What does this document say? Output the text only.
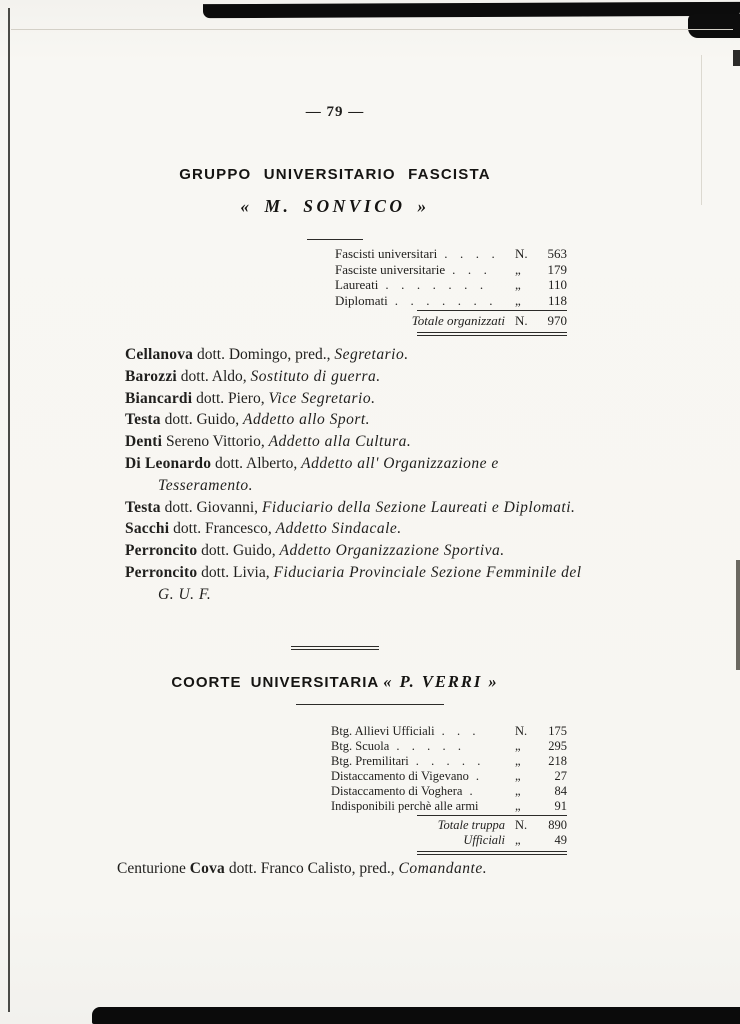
— 79 —
GRUPPO UNIVERSITARIO FASCISTA
« M. SONVICO »
Fascisti universitari .  .  .  . N.	563
Fasciste universitarie .  .  . „	179
Laureati .  .  .  .  .  .  . „	110
Diplomati .  .  .  .  .  .  . „	118
Totale organizzati N.	970
Cellanova dott. Domingo, pred., Segretario.
Barozzi dott. Aldo, Sostituto di guerra.
Biancardi dott. Piero, Vice Segretario.
Testa dott. Guido, Addetto allo Sport.
Denti Sereno Vittorio, Addetto alla Cultura.
Di Leonardo dott. Alberto, Addetto all' Organizzazione e Tesseramento.
Testa dott. Giovanni, Fiduciario della Sezione Laureati e Diplomati.
Sacchi dott. Francesco, Addetto Sindacale.
Perroncito dott. Guido, Addetto Organizzazione Sportiva.
Perroncito dott. Livia, Fiduciaria Provinciale Sezione Femminile del G. U. F.
COORTE UNIVERSITARIA « P. VERRI »
Btg. Allievi Ufficiali .  .  .	N.	175
Btg. Scuola .  .  .  .  .	„	295
Btg. Premilitari .  .  .  .  .	„	218
Distaccamento di Vigevano .	„	27
Distaccamento di Voghera .	„	84
Indisponibili perchè alle armi	„	91
Totale truppa N.	890
Ufficiali „	49
Centurione Cova dott. Franco Calisto, pred., Comandante.
